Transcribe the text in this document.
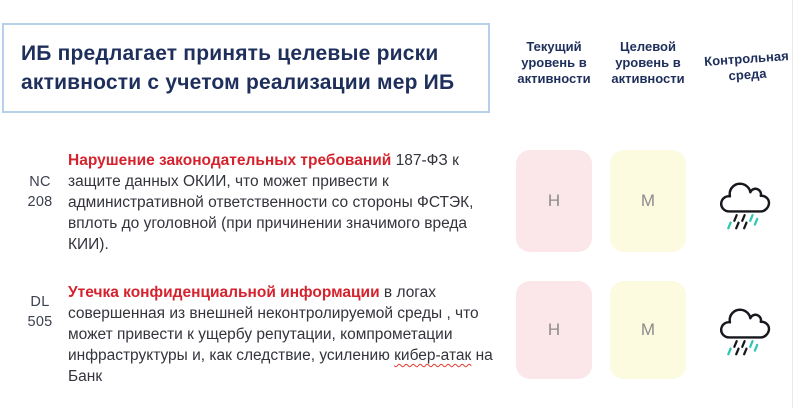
ИБ предлагает принять целевые риски активности с учетом реализации мер ИБ
Текущий уровень в активности
Целевой уровень в активности
Контрольная среда
NC
208

Нарушение законодательных требований 187-ФЗ к защите данных ОКИИ, что может привести к административной ответственности со стороны ФСТЭК, вплоть до уголовной (при причинении значимого вреда КИИ).

Н	М
DL
505

Утечка конфиденциальной информации в логах совершенная из внешней неконтролируемой среды , что может привести к ущербу репутации, компрометации инфраструктуры и, как следствие, усилению кибер-атак на Банк

Н	М
